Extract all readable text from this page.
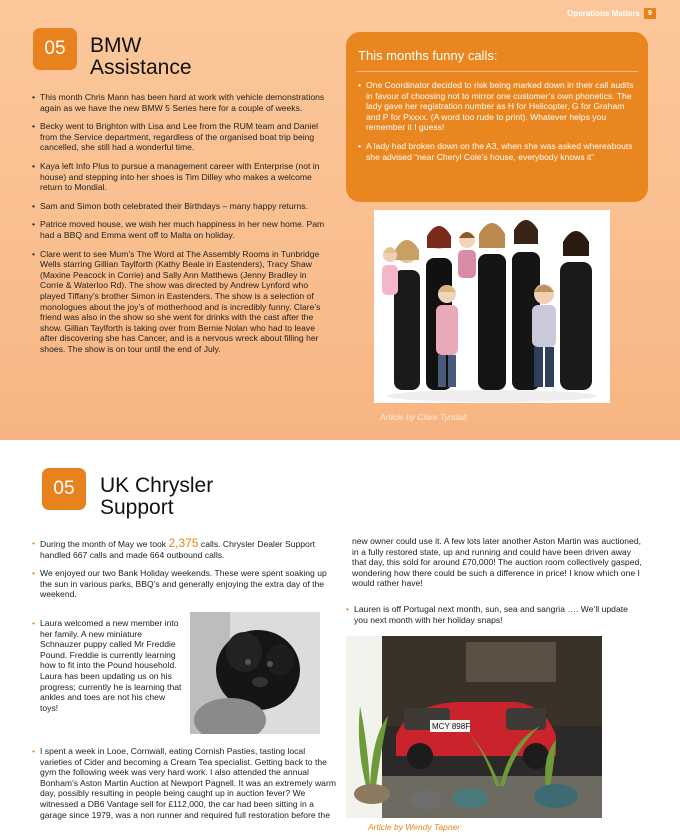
Operations Matters	9
05	BMW
Assistance
• This month Chris Mann has been hard at work with vehicle demonstrations again as we have the new BMW 5 Series here for a couple of weeks.
• Becky went to Brighton with Lisa and Lee from the RUM team and Daniel from the Service department, regardless of the organised boat trip being cancelled, she still had a wonderful time.
• Kaya left Info Plus to pursue a management career with Enterprise (not in house) and stepping into her shoes is Tim Dilley who makes a welcome return to Mondial.
• Sam and Simon both celebrated their Birthdays – many happy returns.
• Patrice moved house, we wish her much happiness in her new home. Pam had a BBQ and Emma went off to Malta on holiday.
• Clare went to see Mum’s The Word at The Assembly Rooms in Tunbridge Wells starring Gillian Taylforth (Kathy Beale in Eastenders), Tracy Shaw (Maxine Peacock in Corrie) and Sally Ann Matthews (Jenny Bradley in Corrie & Waterloo Rd). The show was directed by Andrew Lynford who played Tiffany’s brother Simon in Eastenders. The show is a selection of monologues about the joy’s of motherhood and is incredibly funny. Clare’s friend was also in the show so she went for drinks with the cast after the show. Gillian Taylforth is taking over from Bernie Nolan who had to leave after discovering she has Cancer, and is a nervous wreck about filling her shoes. The show is on tour until the end of July.
This months funny calls:
• One Coordinator decided to risk being marked down in their call audits in favour of choosing not to mirror one customer’s own phonetics. The lady gave her registration number as H for Helicopter, G for Graham and P for Pxxxx. (A word too rude to print). Whatever helps you remember it I guess!
• A lady had broken down on the A3, when she was asked whereabouts she advised “near Cheryl Cole’s house, everybody knows it”
Article by Clare Tyndall
05	UK Chrysler
Support
• During the month of May we took 2,375 calls. Chrysler Dealer Support handled 667 calls and made 664 outbound calls.
• We enjoyed our two Bank Holiday weekends. These were spent soaking up the sun in various parks, BBQ’s and generally enjoying the extra day of the weekend.
• Laura welcomed a new member into her family. A new miniature Schnauzer puppy called Mr Freddie Pound. Freddie is currently learning how to fit into the Pound household. Laura has been updating us on his progress; currently he is learning that ankles and toes are not his chew toys!
• I spent a week in Looe, Cornwall, eating Cornish Pasties, tasting local varieties of Cider and becoming a Cream Tea specialist. Getting back to the gym the following week was very hard work. I also attended the annual Bonham’s Aston Martin Auction at Newport Pagnell. It was an extremely warm day, possibly resulting in people being caught up in auction fever? We witnessed a DB6 Vantage sell for £112,000, the car had been sitting in a garage since 1979, was a non runner and required full restoration before the
new owner could use it. A few lots later another Aston Martin was auctioned, in a fully restored state, up and running and could have been driven away that day, this sold for around £70,000! The auction room collectively gasped, wondering how there could be such a difference in price! I know which one I would rather have!
• Lauren is off Portugal next month, sun, sea and sangria …. We’ll update you next month with her holiday snaps!
MCY 898F
Article by Wendy Tapner
